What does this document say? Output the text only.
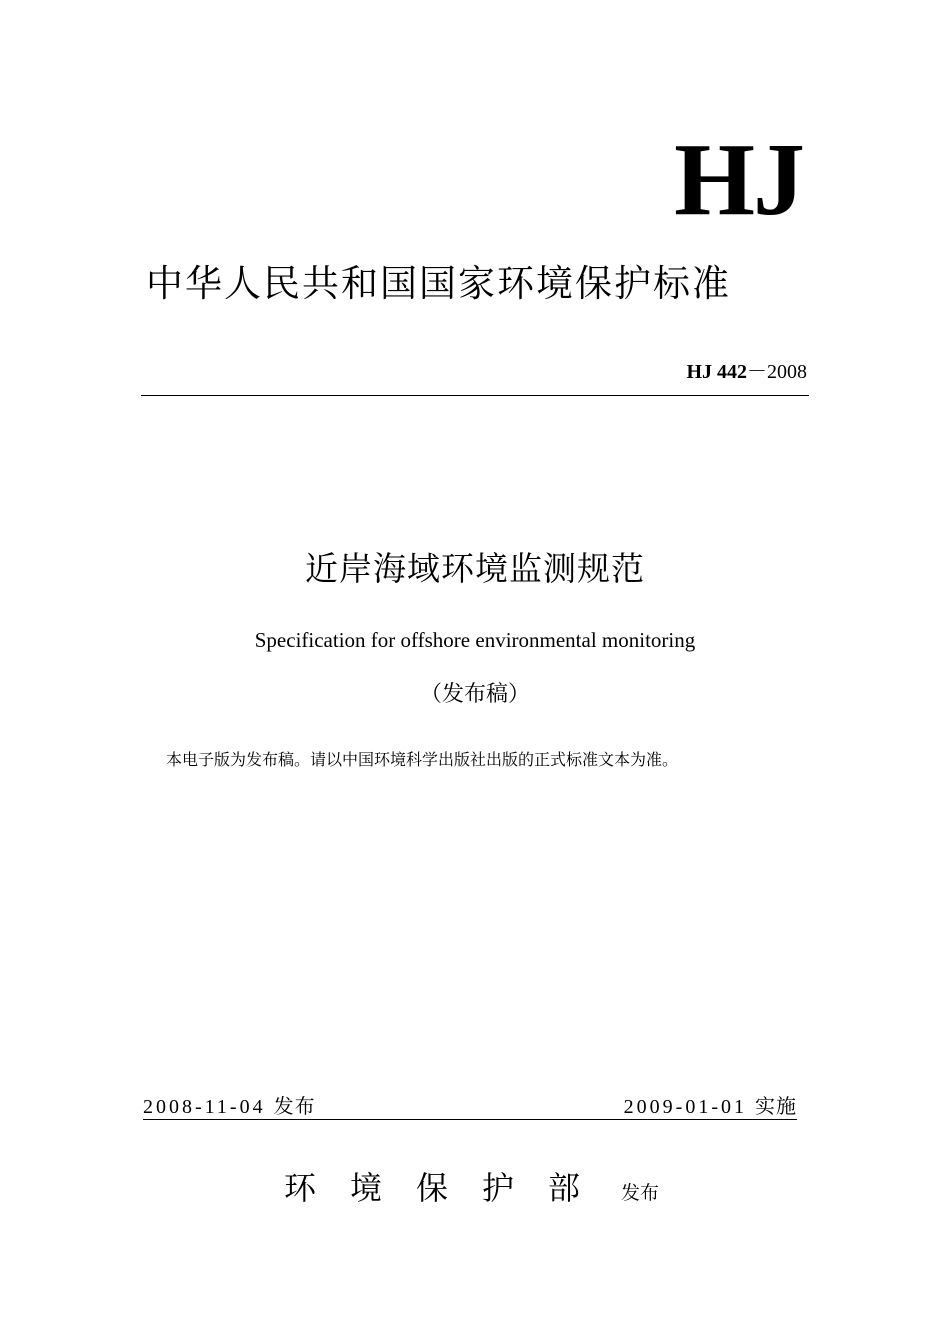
HJ
中华人民共和国国家环境保护标准
HJ 442－2008
近岸海域环境监测规范
Specification for offshore environmental monitoring
（发布稿）
本电子版为发布稿。请以中国环境科学出版社出版的正式标准文本为准。
2008-11-04 发布	2009-01-01 实施
环境保护部 发布
